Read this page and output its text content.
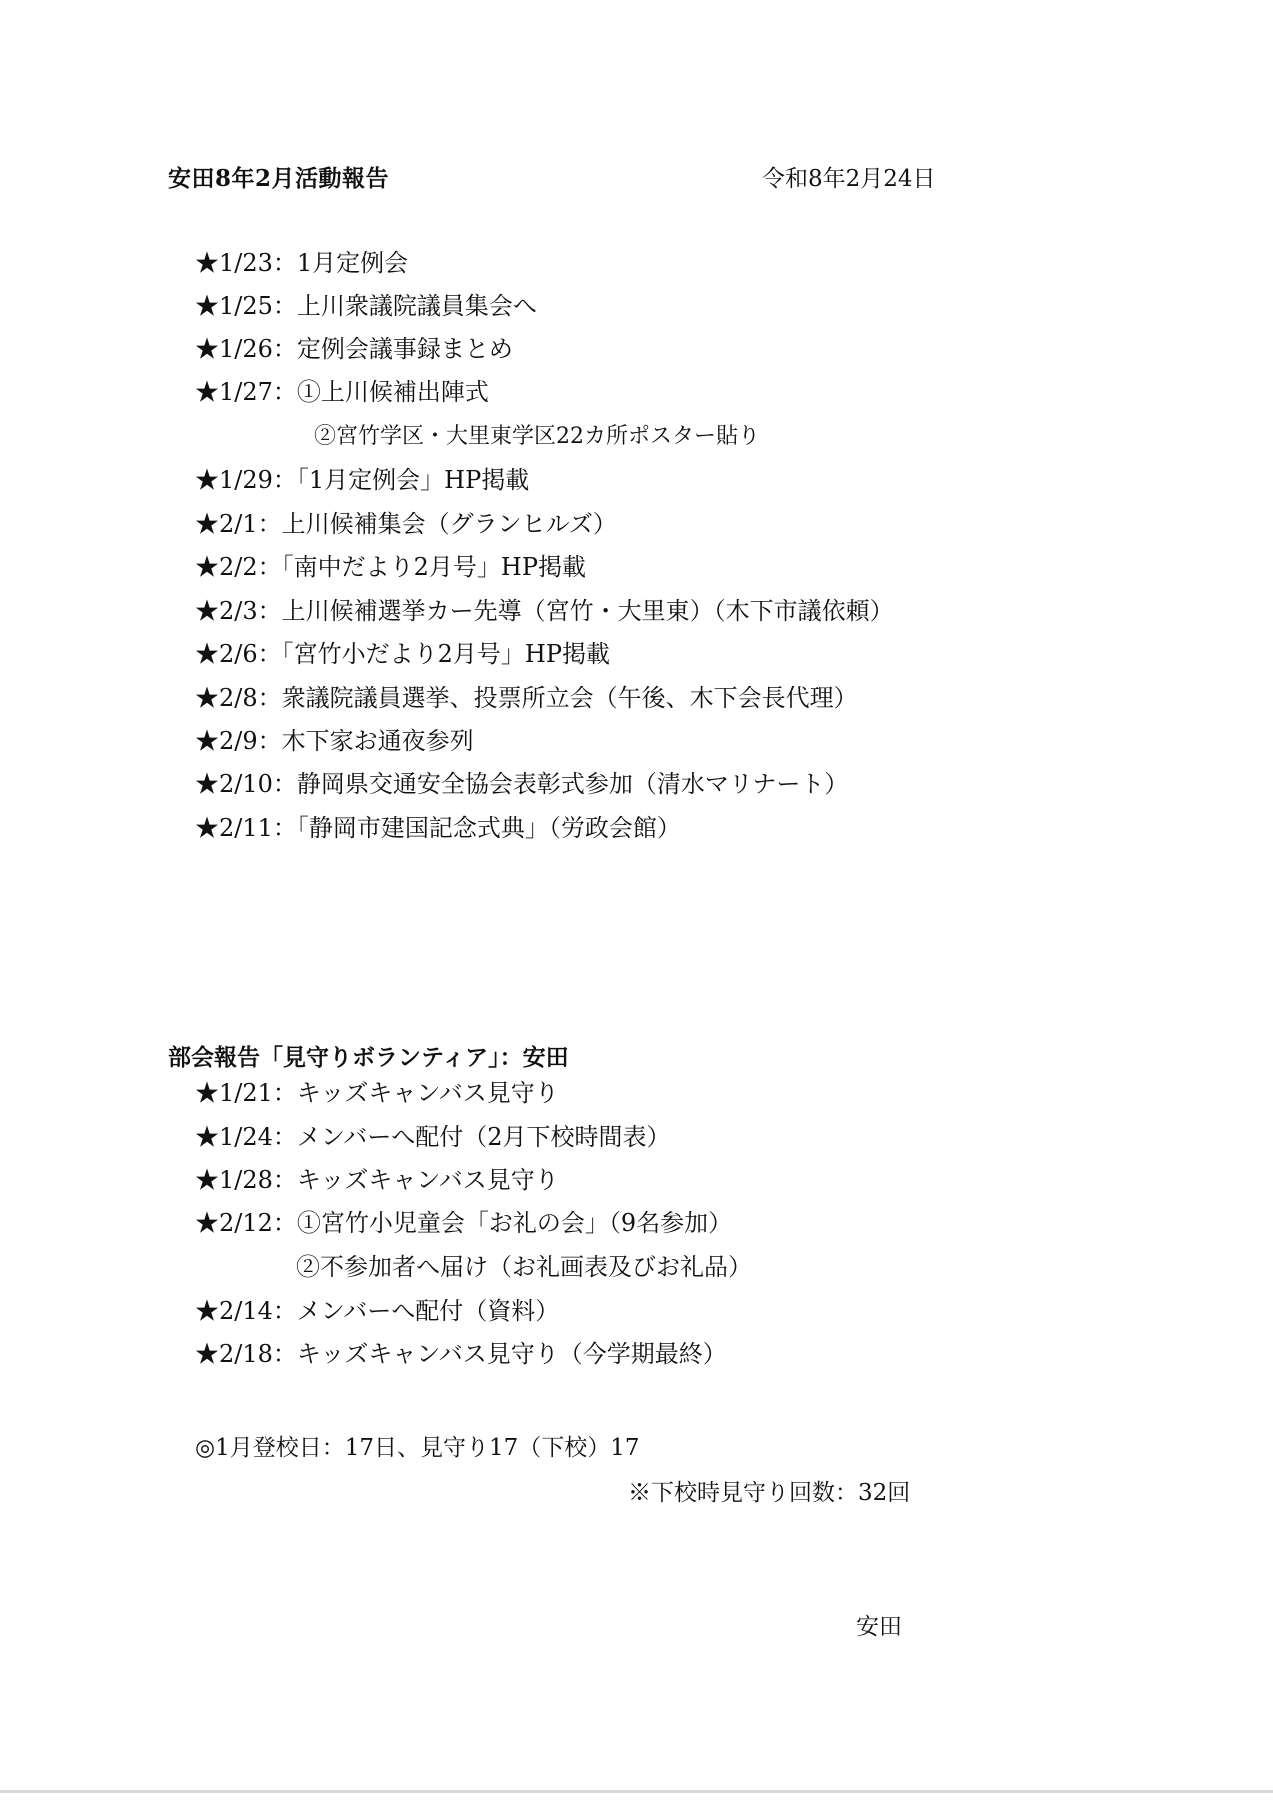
安田8年2月活動報告	令和8年2月24日
★1/23：1月定例会
★1/25：上川衆議院議員集会へ
★1/26：定例会議事録まとめ
★1/27：①上川候補出陣式
②宮竹学区・大里東学区22カ所ポスター貼り
★1/29：「1月定例会」HP掲載
★2/1：上川候補集会（グランヒルズ）
★2/2：「南中だより2月号」HP掲載
★2/3：上川候補選挙カー先導（宮竹・大里東）（木下市議依頼）
★2/6：「宮竹小だより2月号」HP掲載
★2/8：衆議院議員選挙、投票所立会（午後、木下会長代理）
★2/9：木下家お通夜参列
★2/10：静岡県交通安全協会表彰式参加（清水マリナート）
★2/11：「静岡市建国記念式典」（労政会館）
部会報告「見守りボランティア」：安田
★1/21：キッズキャンバス見守り
★1/24：メンバーへ配付（2月下校時間表）
★1/28：キッズキャンバス見守り
★2/12：①宮竹小児童会「お礼の会」（9名参加）
②不参加者へ届け（お礼画表及びお礼品）
★2/14：メンバーへ配付（資料）
★2/18：キッズキャンバス見守り（今学期最終）
◎1月登校日：17日、見守り17（下校）17
※下校時見守り回数：32回
安田
